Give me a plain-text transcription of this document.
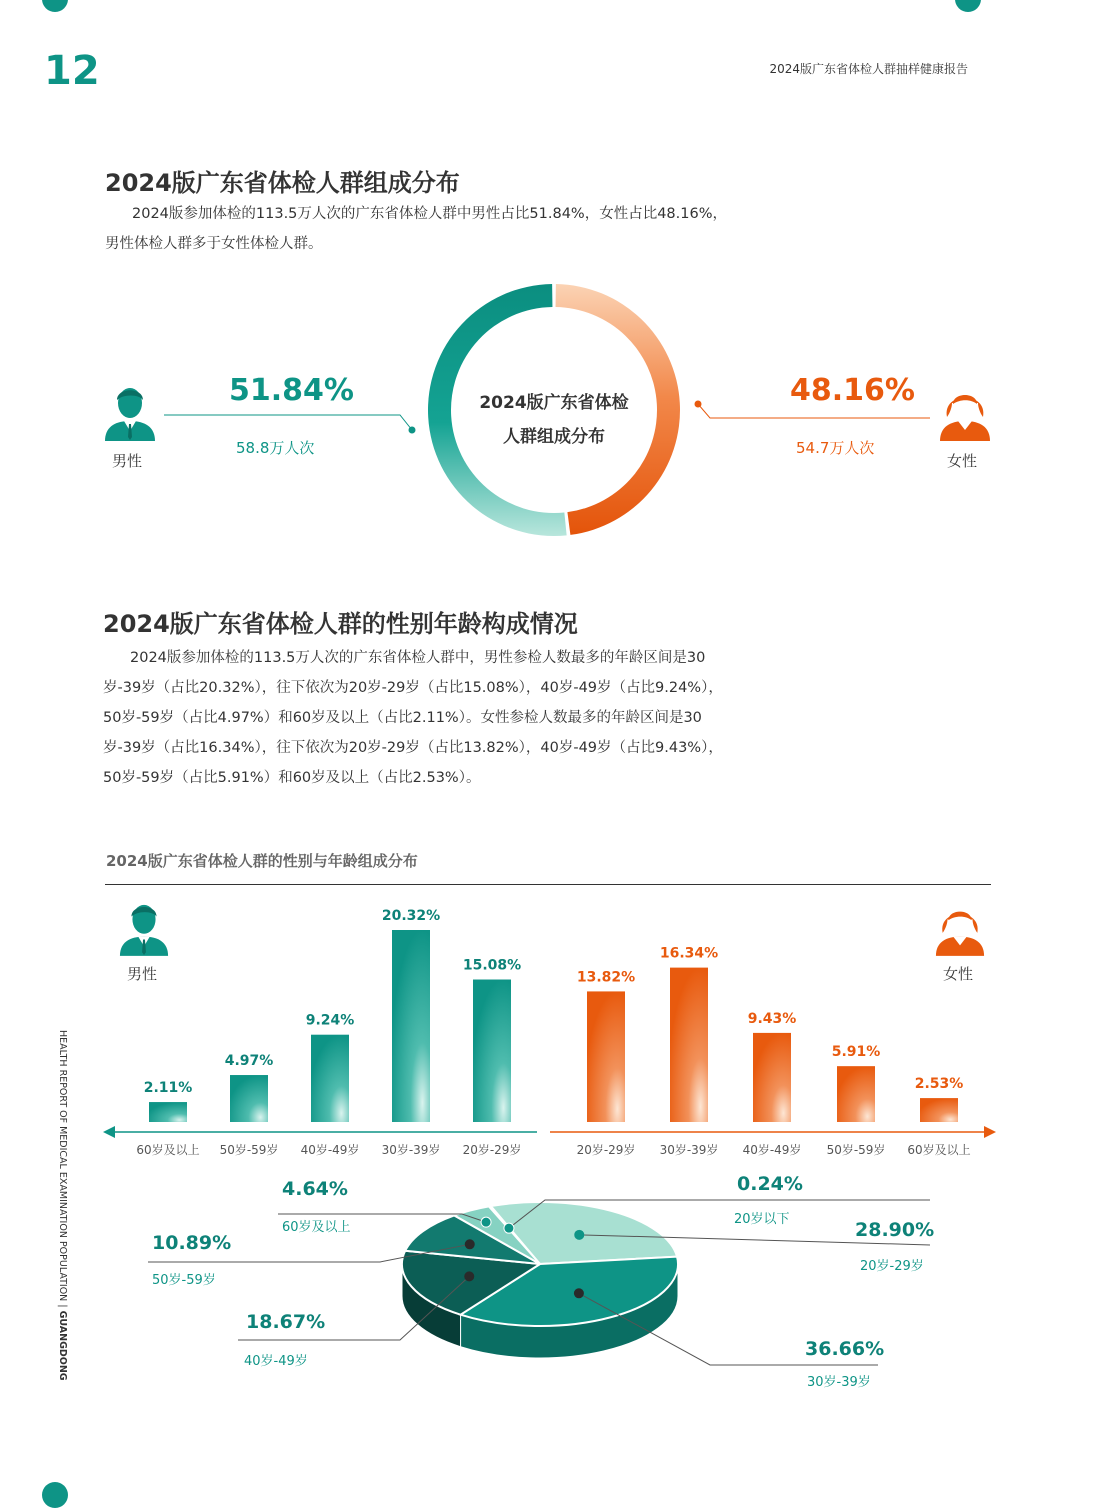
12	2024版广东省体检人群抽样健康报告
HEALTH REPORT OF MEDICAL EXAMINATION POPULATION | GUANGDONG
2024版广东省体检人群组成分布
2024版参加体检的113.5万人次的广东省体检人群中男性占比51.84%，女性占比48.16%，
男性体检人群多于女性体检人群。
2024版广东省体检
人群组成分布
男性
51.84%
58.8万人次
女性
48.16%
54.7万人次
2024版广东省体检人群的性别年龄构成情况
2024版参加体检的113.5万人次的广东省体检人群中，男性参检人数最多的年龄区间是30
岁-39岁（占比20.32%），往下依次为20岁-29岁（占比15.08%），40岁-49岁（占比9.24%），
50岁-59岁（占比4.97%）和60岁及以上（占比2.11%）。女性参检人数最多的年龄区间是30
岁-39岁（占比16.34%），往下依次为20岁-29岁（占比13.82%），40岁-49岁（占比9.43%），
50岁-59岁（占比5.91%）和60岁及以上（占比2.53%）。
2024版广东省体检人群的性别与年龄组成分布
男性	女性
2.11%
60岁及以上
4.97%
50岁-59岁
9.24%
40岁-49岁
20.32%
30岁-39岁
15.08%
20岁-29岁
13.82%
20岁-29岁
16.34%
30岁-39岁
9.43%
40岁-49岁
5.91%
50岁-59岁
2.53%
60岁及以上
4.64%
60岁及以上
0.24%
20岁以下	28.90%
20岁-29岁
10.89%
50岁-59岁
18.67%
40岁-49岁
36.66%
30岁-39岁
